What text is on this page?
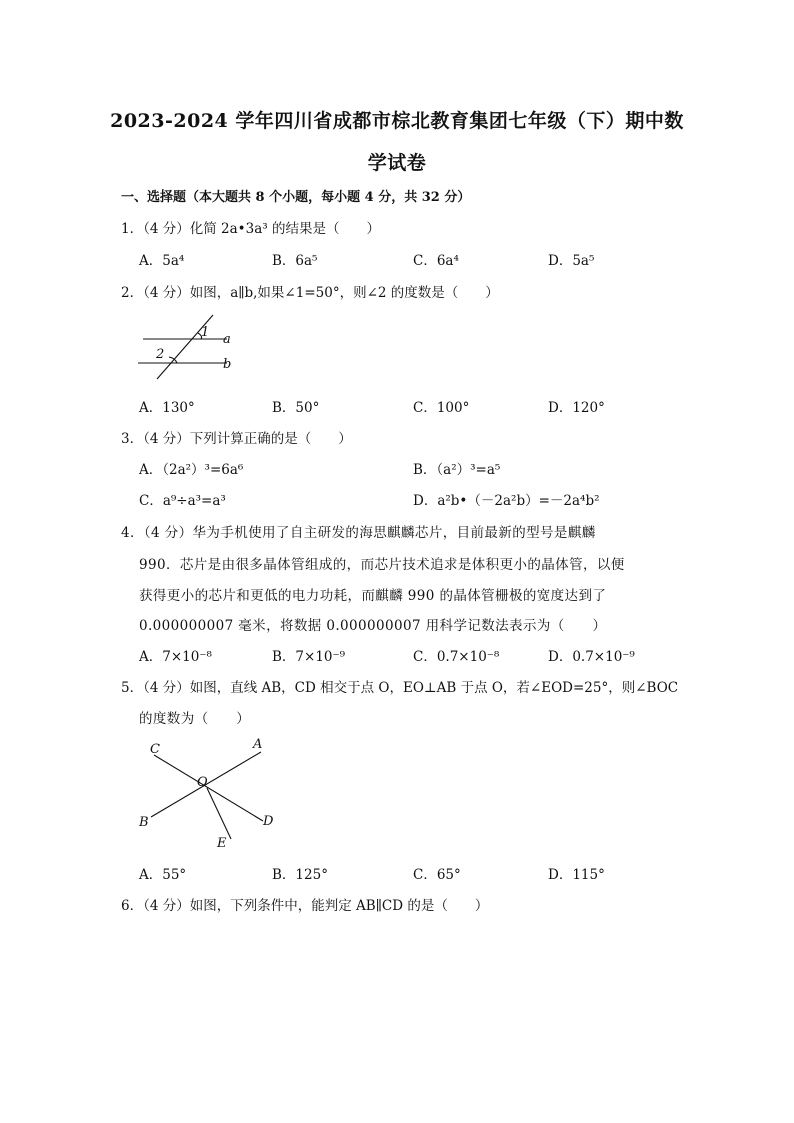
2023-2024 学年四川省成都市棕北教育集团七年级（下）期中数
学试卷
一、选择题（本大题共 8 个小题，每小题 4 分，共 32 分）
1．（4 分）化简 2a•3a³ 的结果是（　　）
A．5a⁴	B．6a⁵	C．6a⁴	D．5a⁵
2．（4 分）如图，a∥b,如果∠1=50°，则∠2 的度数是（　　）
1
2
a
b
A．130°	B．50°	C．100°	D．120°
3．（4 分）下列计算正确的是（　　）
A．（2a²）³=6a⁶	B．（a²）³=a⁵
C．a⁹÷a³=a³	D．a²b•（－2a²b）=－2a⁴b²
4．（4 分）华为手机使用了自主研发的海思麒麟芯片，目前最新的型号是麒麟
990．芯片是由很多晶体管组成的，而芯片技术追求是体积更小的晶体管，以便
获得更小的芯片和更低的电力功耗，而麒麟 990 的晶体管栅极的宽度达到了
0.000000007 毫米，将数据 0.000000007 用科学记数法表示为（　　）
A．7×10⁻⁸	B．7×10⁻⁹	C．0.7×10⁻⁸	D．0.7×10⁻⁹
5．（4 分）如图，直线 AB，CD 相交于点 O，EO⊥AB 于点 O，若∠EOD=25°，则∠BOC
的度数为（　　）
A
B
C
D
E
O
A．55°	B．125°	C．65°	D．115°
6．（4 分）如图，下列条件中，能判定 AB∥CD 的是（　　）
